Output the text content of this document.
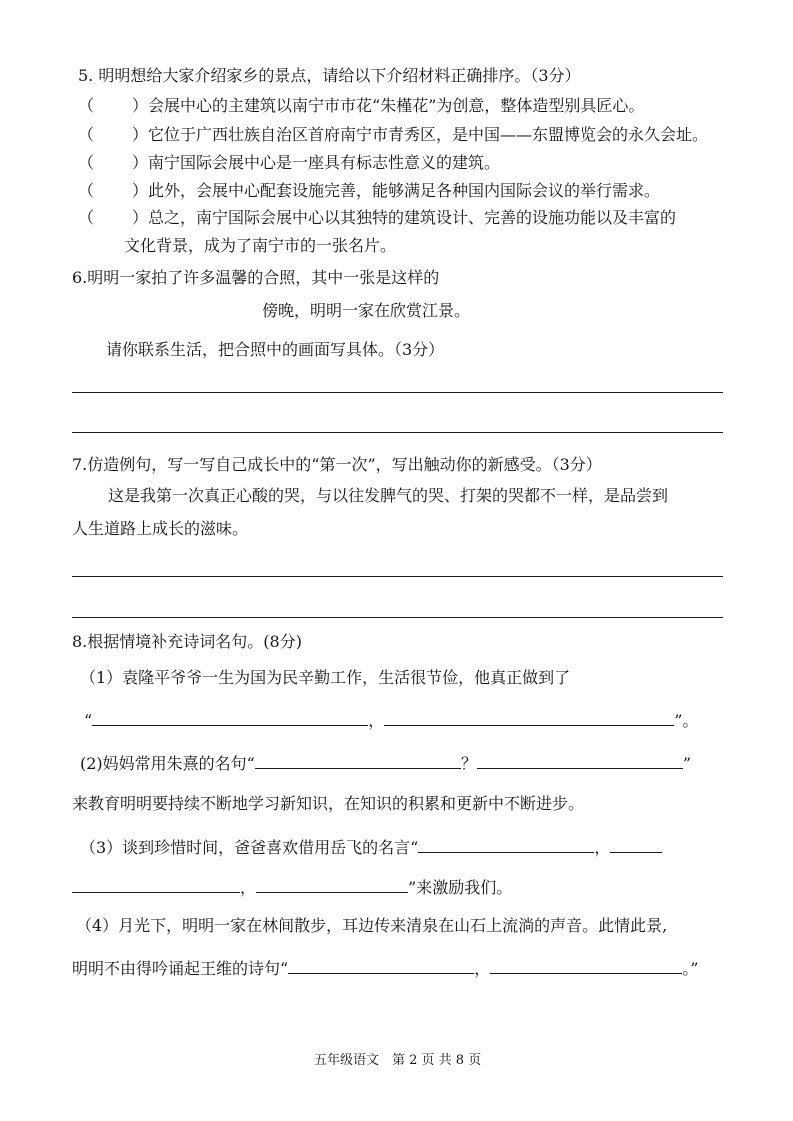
5. 明明想给大家介绍家乡的景点，请给以下介绍材料正确排序。（3分）
（ ）会展中心的主建筑以南宁市市花“朱槿花”为创意，整体造型别具匠心。
（ ）它位于广西壮族自治区首府南宁市青秀区，是中国——东盟博览会的永久会址。
（ ）南宁国际会展中心是一座具有标志性意义的建筑。
（ ）此外，会展中心配套设施完善，能够满足各种国内国际会议的举行需求。
（ ）总之，南宁国际会展中心以其独特的建筑设计、完善的设施功能以及丰富的
文化背景，成为了南宁市的一张名片。
6.明明一家拍了许多温馨的合照，其中一张是这样的
傍晚，明明一家在欣赏江景。
请你联系生活，把合照中的画面写具体。（3分）
7.仿造例句，写一写自己成长中的“第一次”，写出触动你的新感受。（3分）
这是我第一次真正心酸的哭，与以往发脾气的哭、打架的哭都不一样，是品尝到
人生道路上成长的滋味。
8.根据情境补充诗词名句。(8分)
（1）袁隆平爷爷一生为国为民辛勤工作，生活很节俭，他真正做到了
“	，	”。
(2)妈妈常用朱熹的名句“	？	”
来教育明明要持续不断地学习新知识，在知识的积累和更新中不断进步。
（3）谈到珍惜时间，爸爸喜欢借用岳飞的名言“	，
，	”来激励我们。
（4）月光下，明明一家在林间散步，耳边传来清泉在山石上流淌的声音。此情此景,
明明不由得吟诵起王维的诗句“	，	。”
五年级语文　第 2 页 共 8 页
